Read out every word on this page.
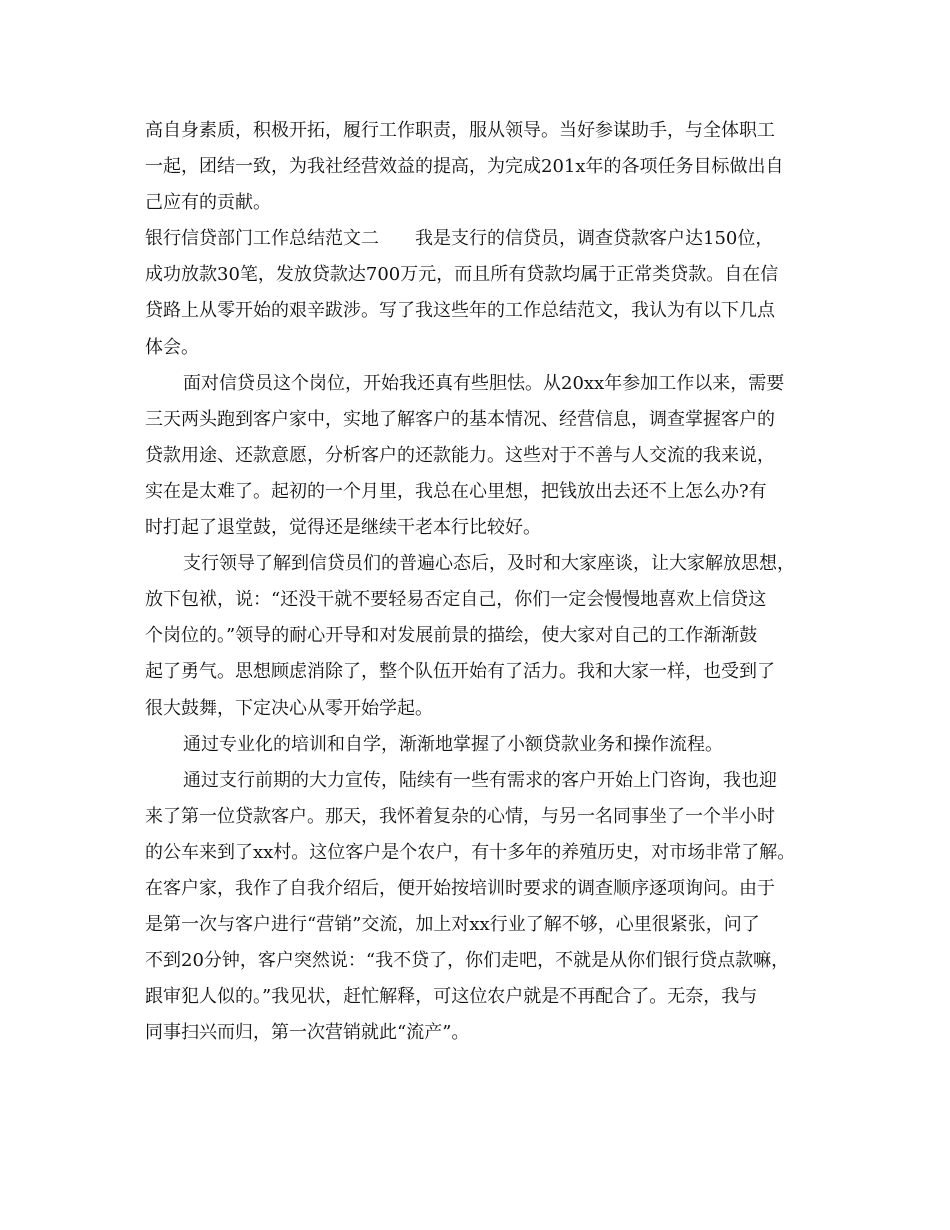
高自身素质，积极开拓，履行工作职责，服从领导。当好参谋助手，与全体职工
一起，团结一致，为我社经营效益的提高，为完成201x年的各项任务目标做出自
己应有的贡献。
银行信贷部门工作总结范文二　　我是支行的信贷员，调查贷款客户达150位，
成功放款30笔，发放贷款达700万元，而且所有贷款均属于正常类贷款。自在信
贷路上从零开始的艰辛跋涉。写了我这些年的工作总结范文，我认为有以下几点
体会。
面对信贷员这个岗位，开始我还真有些胆怯。从20xx年参加工作以来，需要
三天两头跑到客户家中，实地了解客户的基本情况、经营信息，调查掌握客户的
贷款用途、还款意愿，分析客户的还款能力。这些对于不善与人交流的我来说，
实在是太难了。起初的一个月里，我总在心里想，把钱放出去还不上怎么办?有
时打起了退堂鼓，觉得还是继续干老本行比较好。
支行领导了解到信贷员们的普遍心态后，及时和大家座谈，让大家解放思想，
放下包袱，说：“还没干就不要轻易否定自己，你们一定会慢慢地喜欢上信贷这
个岗位的。”领导的耐心开导和对发展前景的描绘，使大家对自己的工作渐渐鼓
起了勇气。思想顾虑消除了，整个队伍开始有了活力。我和大家一样，也受到了
很大鼓舞，下定决心从零开始学起。
通过专业化的培训和自学，渐渐地掌握了小额贷款业务和操作流程。
通过支行前期的大力宣传，陆续有一些有需求的客户开始上门咨询，我也迎
来了第一位贷款客户。那天，我怀着复杂的心情，与另一名同事坐了一个半小时
的公车来到了xx村。这位客户是个农户，有十多年的养殖历史，对市场非常了解。
在客户家，我作了自我介绍后，便开始按培训时要求的调查顺序逐项询问。由于
是第一次与客户进行“营销”交流，加上对xx行业了解不够，心里很紧张，问了
不到20分钟，客户突然说：“我不贷了，你们走吧，不就是从你们银行贷点款嘛，
跟审犯人似的。”我见状，赶忙解释，可这位农户就是不再配合了。无奈，我与
同事扫兴而归，第一次营销就此“流产”。
